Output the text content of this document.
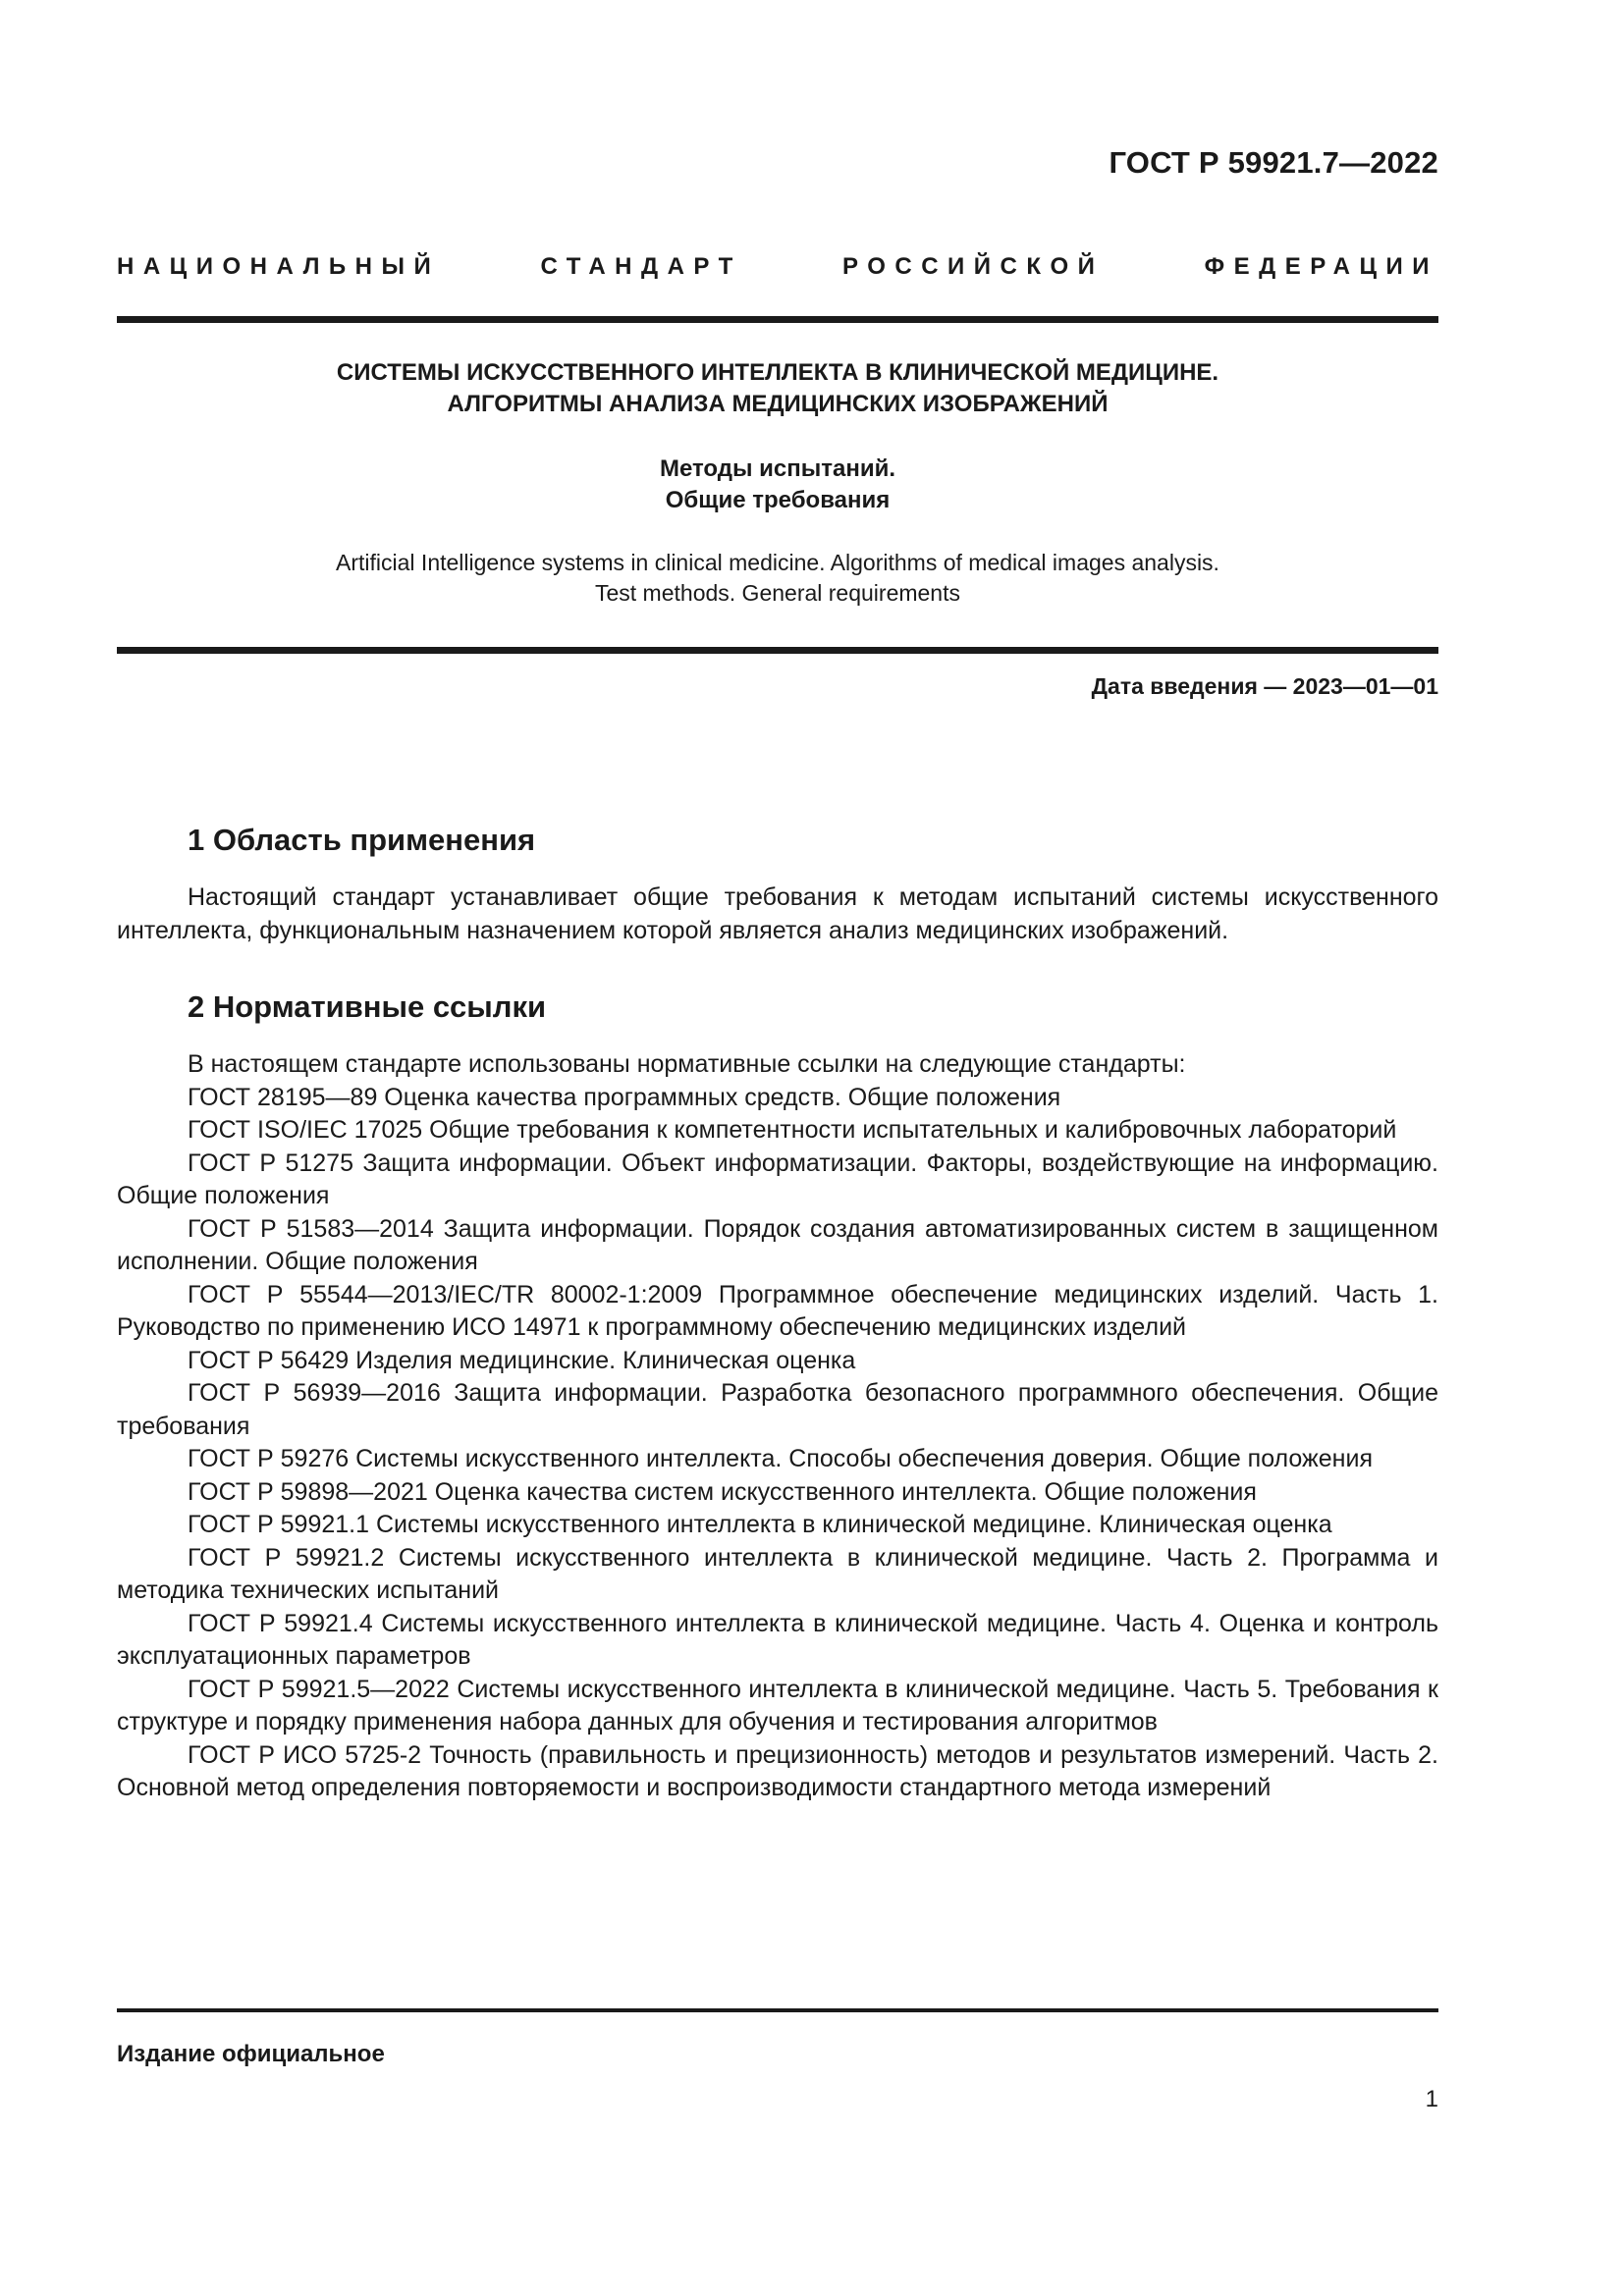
ГОСТ Р 59921.7—2022
НАЦИОНАЛЬНЫЙ СТАНДАРТ РОССИЙСКОЙ ФЕДЕРАЦИИ
СИСТЕМЫ ИСКУССТВЕННОГО ИНТЕЛЛЕКТА В КЛИНИЧЕСКОЙ МЕДИЦИНЕ.
АЛГОРИТМЫ АНАЛИЗА МЕДИЦИНСКИХ ИЗОБРАЖЕНИЙ
Методы испытаний.
Общие требования
Artificial Intelligence systems in clinical medicine. Algorithms of medical images analysis.
Test methods. General requirements
Дата введения — 2023—01—01
1 Область применения

Настоящий стандарт устанавливает общие требования к методам испытаний системы искусственного интеллекта, функциональным назначением которой является анализ медицинских изображений.

2 Нормативные ссылки

В настоящем стандарте использованы нормативные ссылки на следующие стандарты:

ГОСТ 28195—89 Оценка качества программных средств. Общие положения

ГОСТ ISO/IEC 17025 Общие требования к компетентности испытательных и калибровочных лабораторий

ГОСТ Р 51275 Защита информации. Объект информатизации. Факторы, воздействующие на информацию. Общие положения

ГОСТ Р 51583—2014 Защита информации. Порядок создания автоматизированных систем в защищенном исполнении. Общие положения

ГОСТ Р 55544—2013/IEC/TR 80002-1:2009 Программное обеспечение медицинских изделий. Часть 1. Руководство по применению ИСО 14971 к программному обеспечению медицинских изделий

ГОСТ Р 56429 Изделия медицинские. Клиническая оценка

ГОСТ Р 56939—2016 Защита информации. Разработка безопасного программного обеспечения. Общие требования

ГОСТ Р 59276 Системы искусственного интеллекта. Способы обеспечения доверия. Общие положения

ГОСТ Р 59898—2021 Оценка качества систем искусственного интеллекта. Общие положения

ГОСТ Р 59921.1 Системы искусственного интеллекта в клинической медицине. Клиническая оценка

ГОСТ Р 59921.2 Системы искусственного интеллекта в клинической медицине. Часть 2. Программа и методика технических испытаний

ГОСТ Р 59921.4 Системы искусственного интеллекта в клинической медицине. Часть 4. Оценка и контроль эксплуатационных параметров

ГОСТ Р 59921.5—2022 Системы искусственного интеллекта в клинической медицине. Часть 5. Требования к структуре и порядку применения набора данных для обучения и тестирования алгоритмов

ГОСТ Р ИСО 5725-2 Точность (правильность и прецизионность) методов и результатов измерений. Часть 2. Основной метод определения повторяемости и воспроизводимости стандартного метода измерений

Издание официальное
1
